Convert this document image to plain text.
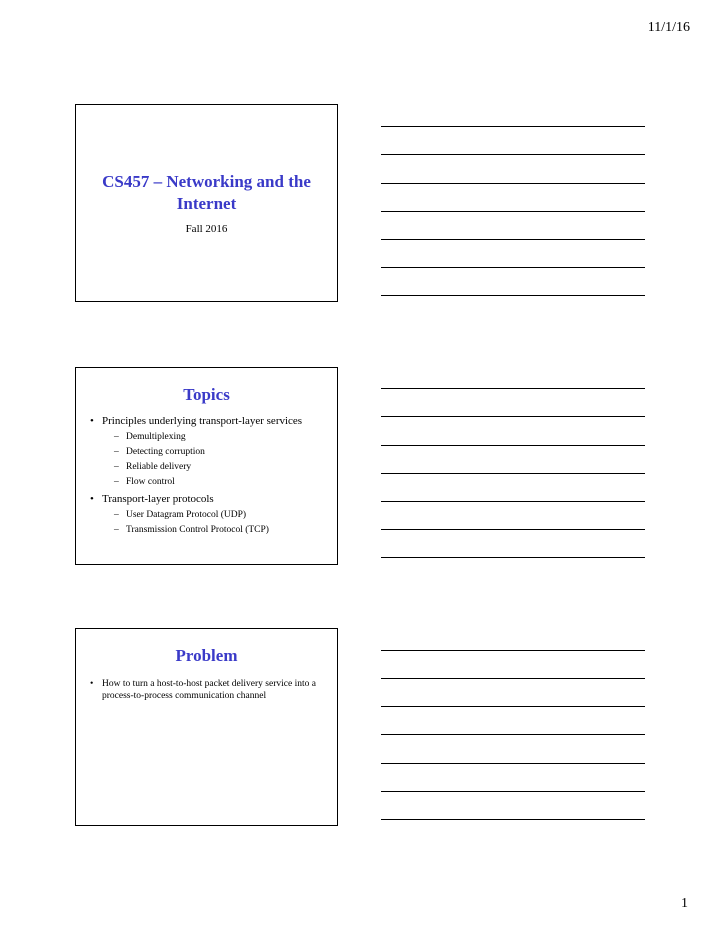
11/1/16
CS457 – Networking and the Internet
Fall 2016
Topics
• Principles underlying transport-layer services
– Demultiplexing
– Detecting corruption
– Reliable delivery
– Flow control
• Transport-layer protocols
– User Datagram Protocol (UDP)
– Transmission Control Protocol (TCP)
Problem
• How to turn a host-to-host packet delivery service into a process-to-process communication channel
1
